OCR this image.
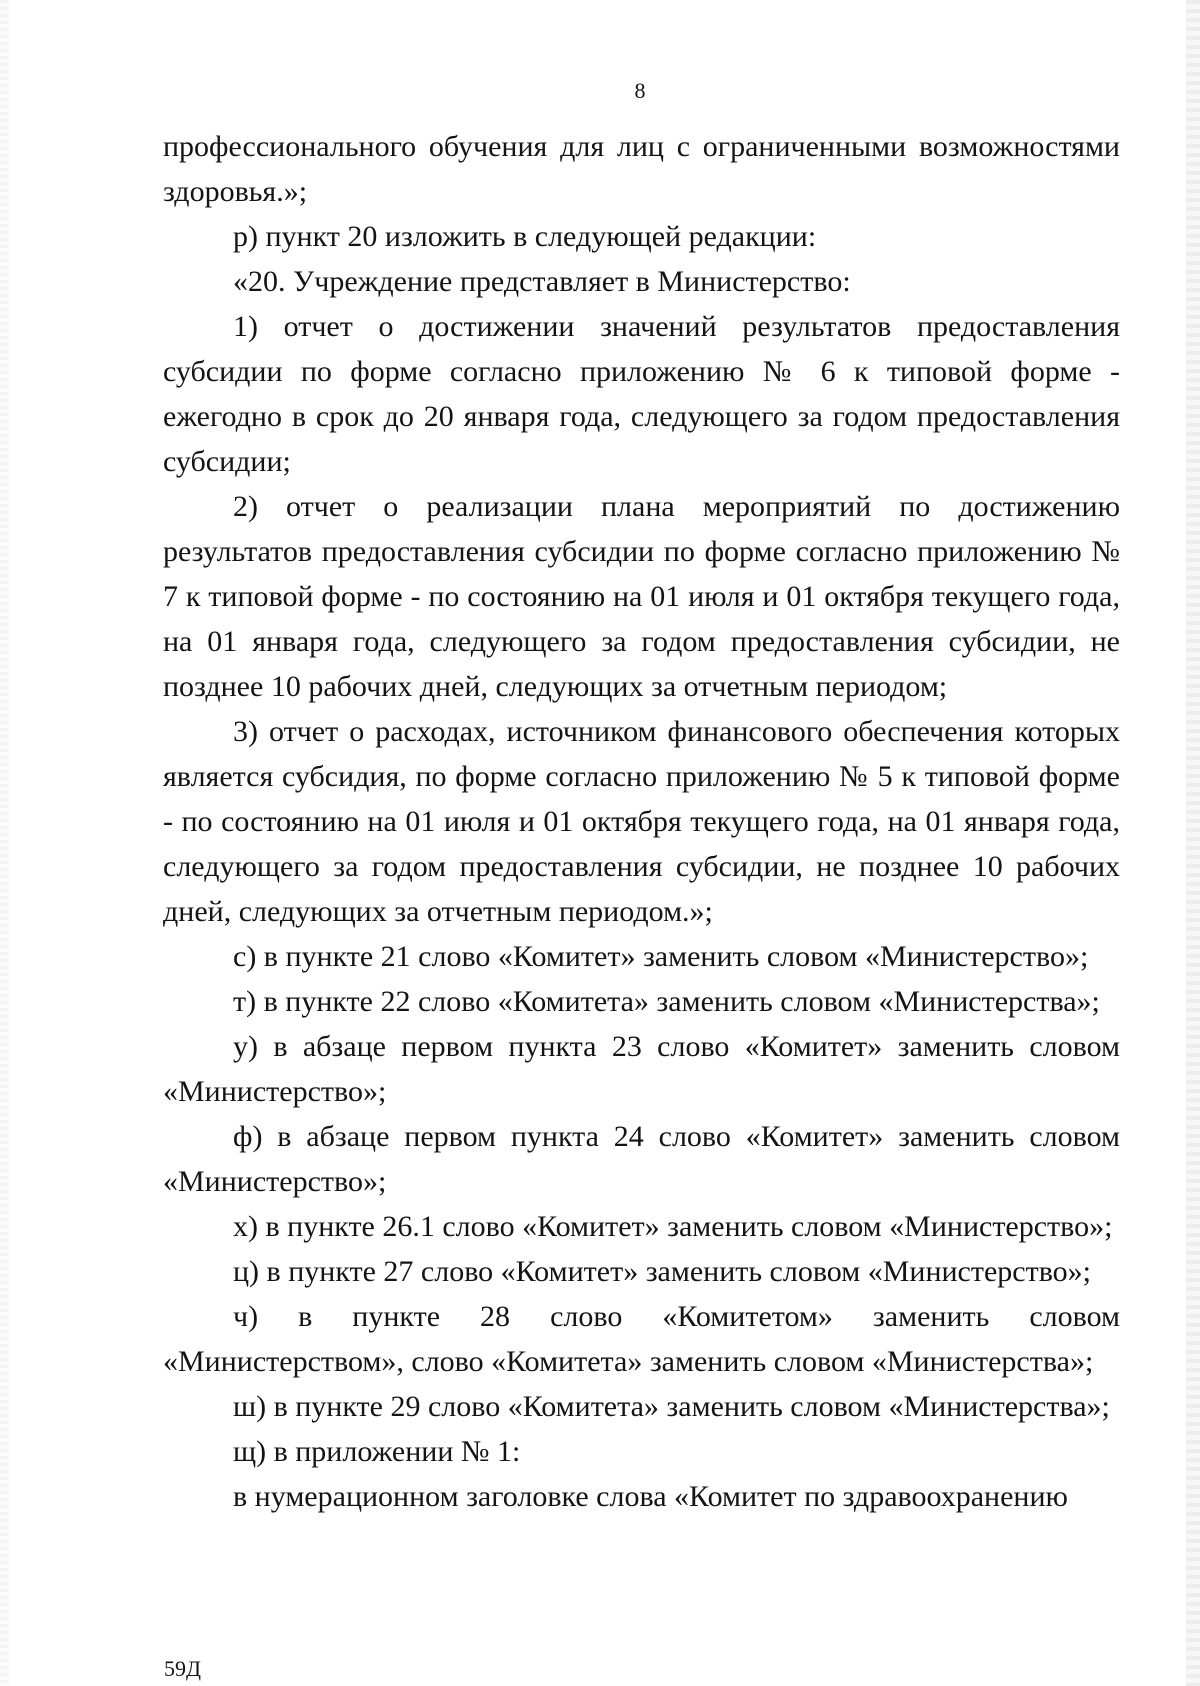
8

профессионального обучения для лиц с ограниченными возможностями здоровья.»;

р) пункт 20 изложить в следующей редакции:

«20. Учреждение представляет в Министерство:

1) отчет о достижении значений результатов предоставления субсидии по форме согласно приложению № 6 к типовой форме - ежегодно в срок до 20 января года, следующего за годом предоставления субсидии;

2) отчет о реализации плана мероприятий по достижению результатов предоставления субсидии по форме согласно приложению № 7 к типовой форме - по состоянию на 01 июля и 01 октября текущего года, на 01 января года, следующего за годом предоставления субсидии, не позднее 10 рабочих дней, следующих за отчетным периодом;

3) отчет о расходах, источником финансового обеспечения которых является субсидия, по форме согласно приложению № 5 к типовой форме - по состоянию на 01 июля и 01 октября текущего года, на 01 января года, следующего за годом предоставления субсидии, не позднее 10 рабочих дней, следующих за отчетным периодом.»;

с) в пункте 21 слово «Комитет» заменить словом «Министерство»;

т) в пункте 22 слово «Комитета» заменить словом «Министерства»;

у) в абзаце первом пункта 23 слово «Комитет» заменить словом «Министерство»;

ф) в абзаце первом пункта 24 слово «Комитет» заменить словом «Министерство»;

х) в пункте 26.1 слово «Комитет» заменить словом «Министерство»;

ц) в пункте 27 слово «Комитет» заменить словом «Министерство»;

ч) в пункте 28 слово «Комитетом» заменить словом «Министерством», слово «Комитета» заменить словом «Министерства»;

ш) в пункте 29 слово «Комитета» заменить словом «Министерства»;

щ) в приложении № 1:

в нумерационном заголовке слова «Комитет по здравоохранению

59Д
